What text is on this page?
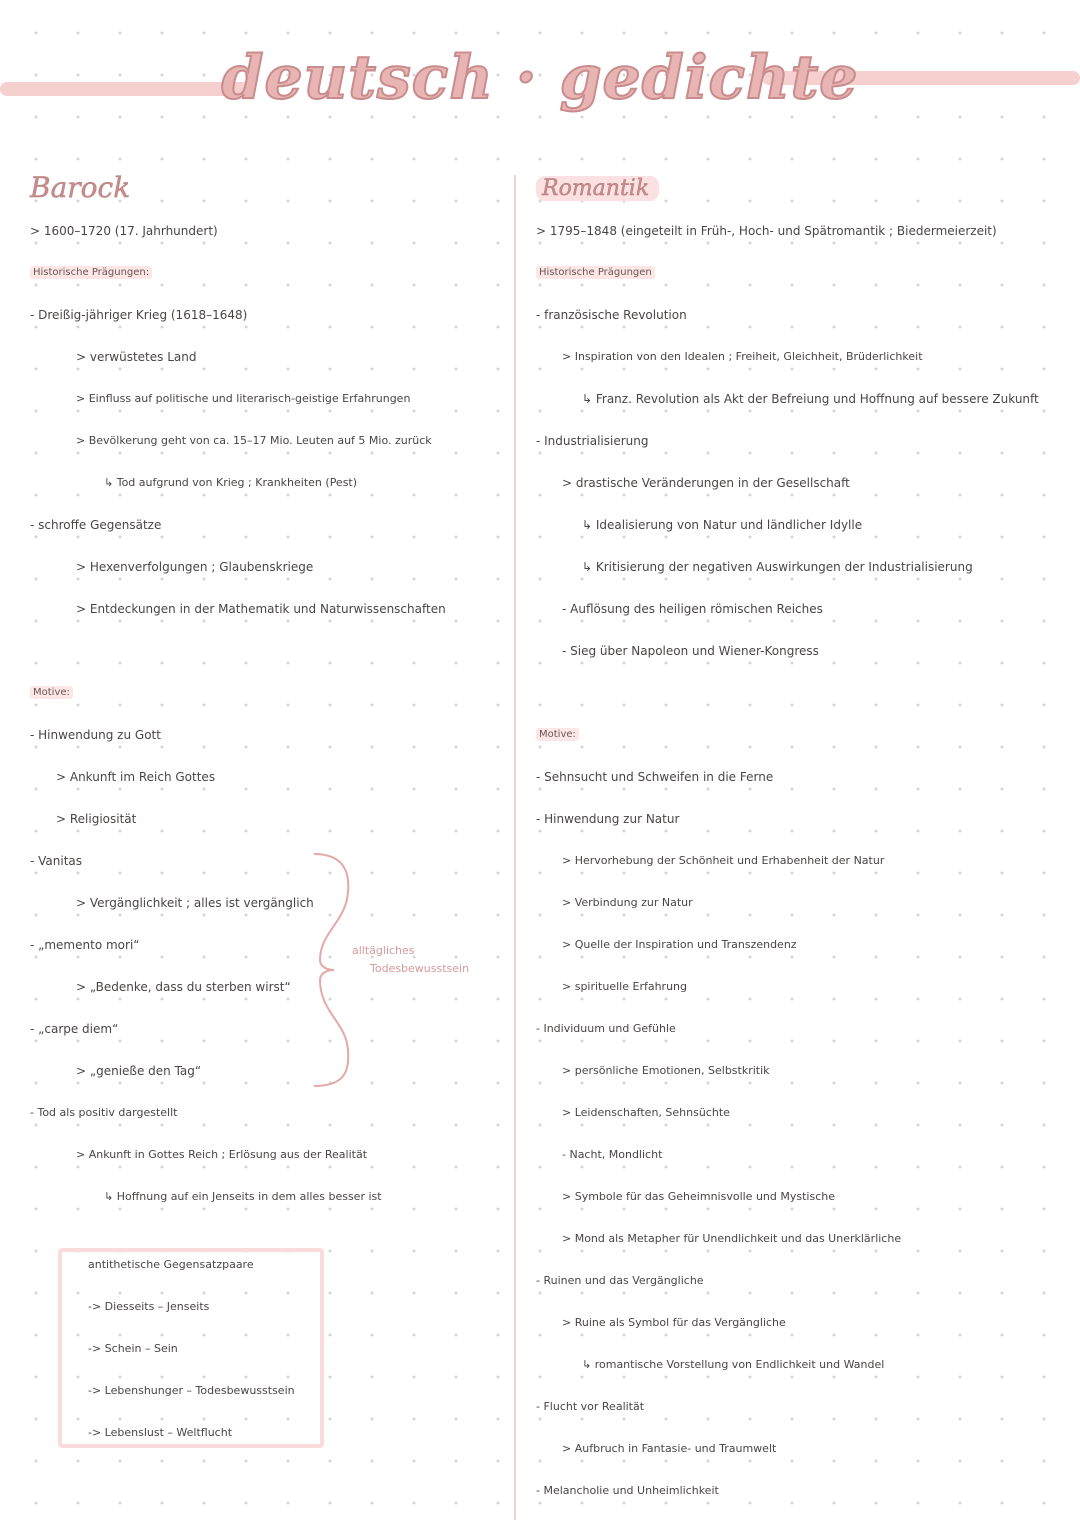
deutsch · gedichte
Barock
> 1600–1720 (17. Jahrhundert)
Historische Prägungen:
- Dreißig-jähriger Krieg (1618–1648)
> verwüstetes Land
> Einfluss auf politische und literarisch-geistige Erfahrungen
> Bevölkerung geht von ca. 15–17 Mio. Leuten auf 5 Mio. zurück
↳ Tod aufgrund von Krieg ; Krankheiten (Pest)
- schroffe Gegensätze
> Hexenverfolgungen ; Glaubenskriege
> Entdeckungen in der Mathematik und Naturwissenschaften
Motive:
- Hinwendung zu Gott
> Ankunft im Reich Gottes
> Religiosität
- Vanitas
> Vergänglichkeit ; alles ist vergänglich
- „memento mori“
> „Bedenke, dass du sterben wirst“
- „carpe diem“
> „genieße den Tag“
- Tod als positiv dargestellt
> Ankunft in Gottes Reich ; Erlösung aus der Realität
↳ Hoffnung auf ein Jenseits in dem alles besser ist
Romantik
> 1795–1848 (eingeteilt in Früh-, Hoch- und Spätromantik ; Biedermeierzeit)
Historische Prägungen
- französische Revolution
> Inspiration von den Idealen ; Freiheit, Gleichheit, Brüderlichkeit
↳ Franz. Revolution als Akt der Befreiung und Hoffnung auf bessere Zukunft
- Industrialisierung
> drastische Veränderungen in der Gesellschaft
↳ Idealisierung von Natur und ländlicher Idylle
↳ Kritisierung der negativen Auswirkungen der Industrialisierung
- Auflösung des heiligen römischen Reiches
- Sieg über Napoleon und Wiener-Kongress
Motive:
- Sehnsucht und Schweifen in die Ferne
- Hinwendung zur Natur
> Hervorhebung der Schönheit und Erhabenheit der Natur
> Verbindung zur Natur
> Quelle der Inspiration und Transzendenz
> spirituelle Erfahrung
- Individuum und Gefühle
> persönliche Emotionen, Selbstkritik
> Leidenschaften, Sehnsüchte
- Nacht, Mondlicht
> Symbole für das Geheimnisvolle und Mystische
> Mond als Metapher für Unendlichkeit und das Unerklärliche
- Ruinen und das Vergängliche
> Ruine als Symbol für das Vergängliche
↳ romantische Vorstellung von Endlichkeit und Wandel
- Flucht vor Realität
> Aufbruch in Fantasie- und Traumwelt
- Melancholie und Unheimlichkeit
alltägliches
Todesbewusstsein
antithetische Gegensatzpaare
-> Diesseits – Jenseits
-> Schein – Sein
-> Lebenshunger – Todesbewusstsein
-> Lebenslust – Weltflucht
